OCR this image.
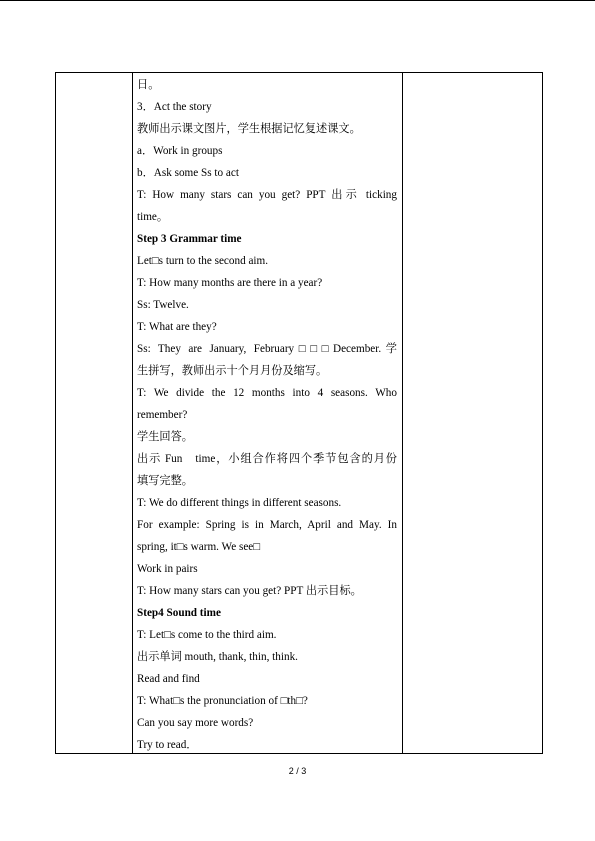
日。

3．Act the story

教师出示课文图片，学生根据记忆复述课文。

a．Work in groups

b．Ask some Ss to act

T: How many stars can you get? PPT 出示 ticking

time。

Step 3 Grammar time

Let□s turn to the second aim.

T: How many months are there in a year?

Ss: Twelve.

T: What are they?

Ss: They are January, February□□□December.学

生拼写，教师出示十个月月份及缩写。

T: We divide the 12 months into 4 seasons. Who

remember?

学生回答。

出示 Fun　time，小组合作将四个季节包含的月份

填写完整。

T: We do different things in different seasons.

For example: Spring is in March, April and May. In

spring, it□s warm. We see□

Work in pairs

T: How many stars can you get? PPT 出示目标。

Step4 Sound time

T: Let□s come to the third aim.

出示单词 mouth, thank, thin, think.

Read and find

T: What□s the pronunciation of □th□?

Can you say more words?

Try to read．

2 / 3
